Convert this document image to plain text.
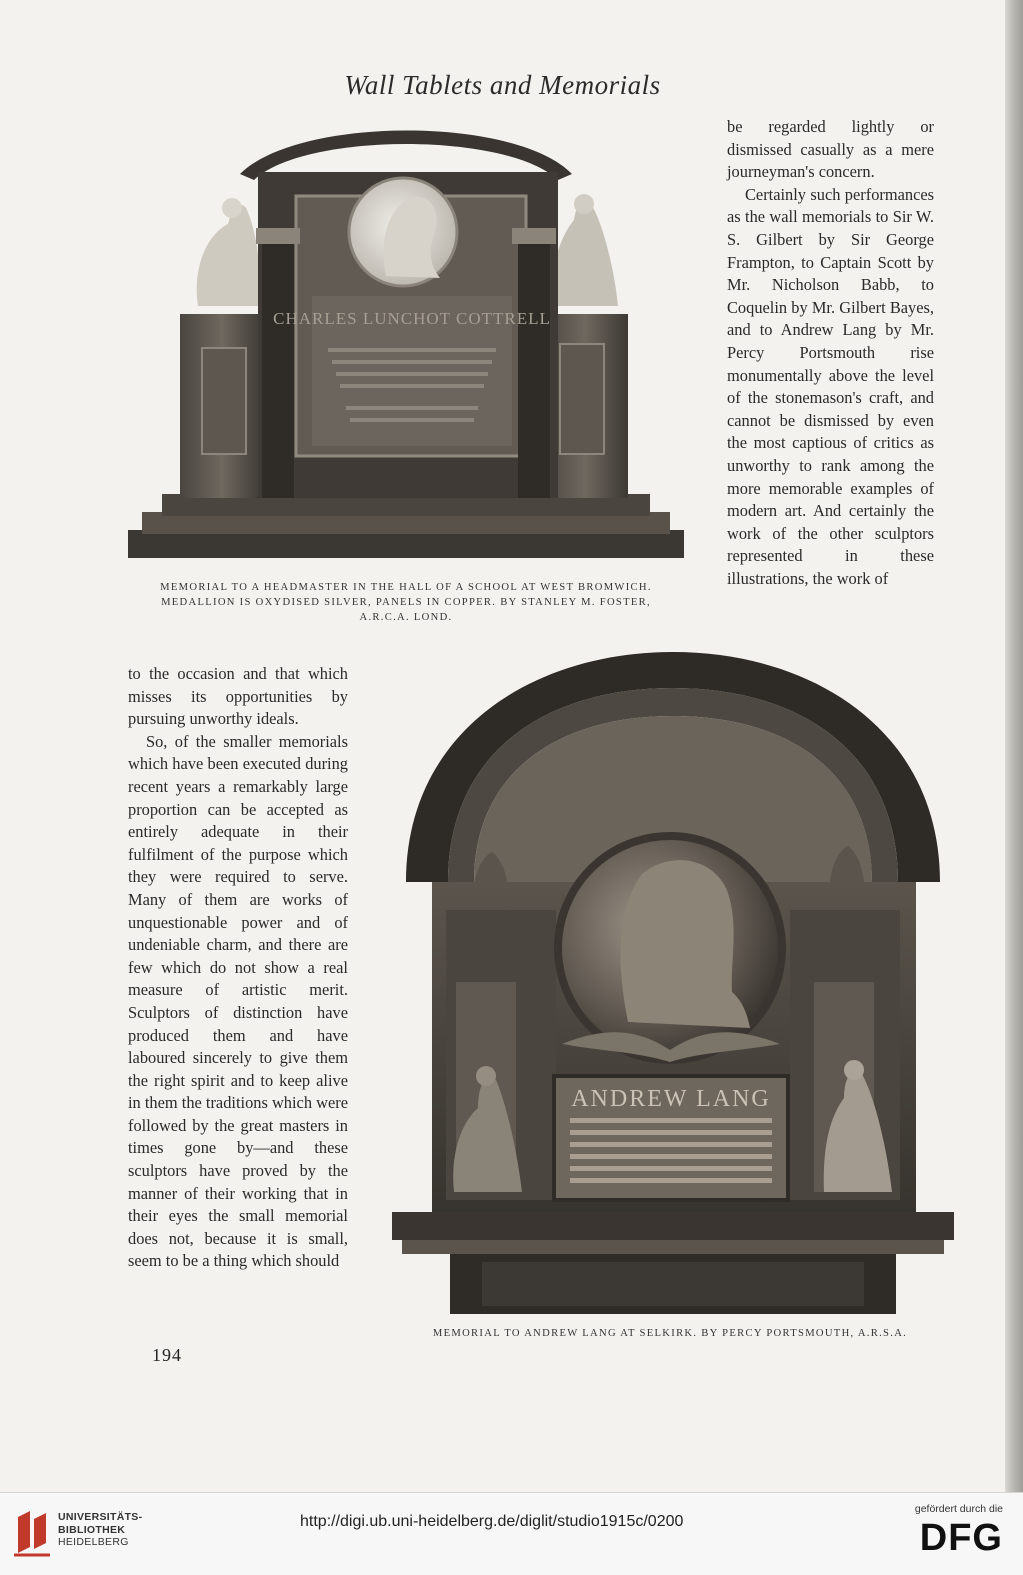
Wall Tablets and Memorials
CHARLES LUNCHOT COTTRELL
MEMORIAL TO A HEADMASTER IN THE HALL OF A SCHOOL AT WEST BROMWICH. MEDALLION IS OXYDISED SILVER, PANELS IN COPPER. BY STANLEY M. FOSTER, A.R.C.A. LOND.

be regarded lightly or dismissed casually as a mere journeyman's concern.

Certainly such performances as the wall memorials to Sir W. S. Gilbert by Sir George Frampton, to Captain Scott by Mr. Nicholson Babb, to Coquelin by Mr. Gilbert Bayes, and to Andrew Lang by Mr. Percy Portsmouth rise monumentally above the level of the stonemason's craft, and cannot be dismissed by even the most captious of critics as unworthy to rank among the more memorable examples of modern art. And certainly the work of the other sculptors represented in these illustrations, the work of

to the occasion and that which misses its opportunities by pursuing unworthy ideals.

So, of the smaller memorials which have been executed during recent years a remarkably large proportion can be accepted as entirely adequate in their fulfilment of the purpose which they were required to serve. Many of them are works of unquestionable power and of undeniable charm, and there are few which do not show a real measure of artistic merit. Sculptors of distinction have produced them and have laboured sincerely to give them the right spirit and to keep alive in them the traditions which were followed by the great masters in times gone by—and these sculptors have proved by the manner of their working that in their eyes the small memorial does not, because it is small, seem to be a thing which should

ANDREW LANG
MEMORIAL TO ANDREW LANG AT SELKIRK. BY PERCY PORTSMOUTH, A.R.S.A.
194
UNIVERSITÄTS-
BIBLIOTHEK
HEIDELBERG
http://digi.ub.uni-heidelberg.de/diglit/studio1915c/0200
gefördert durch die
DFG
